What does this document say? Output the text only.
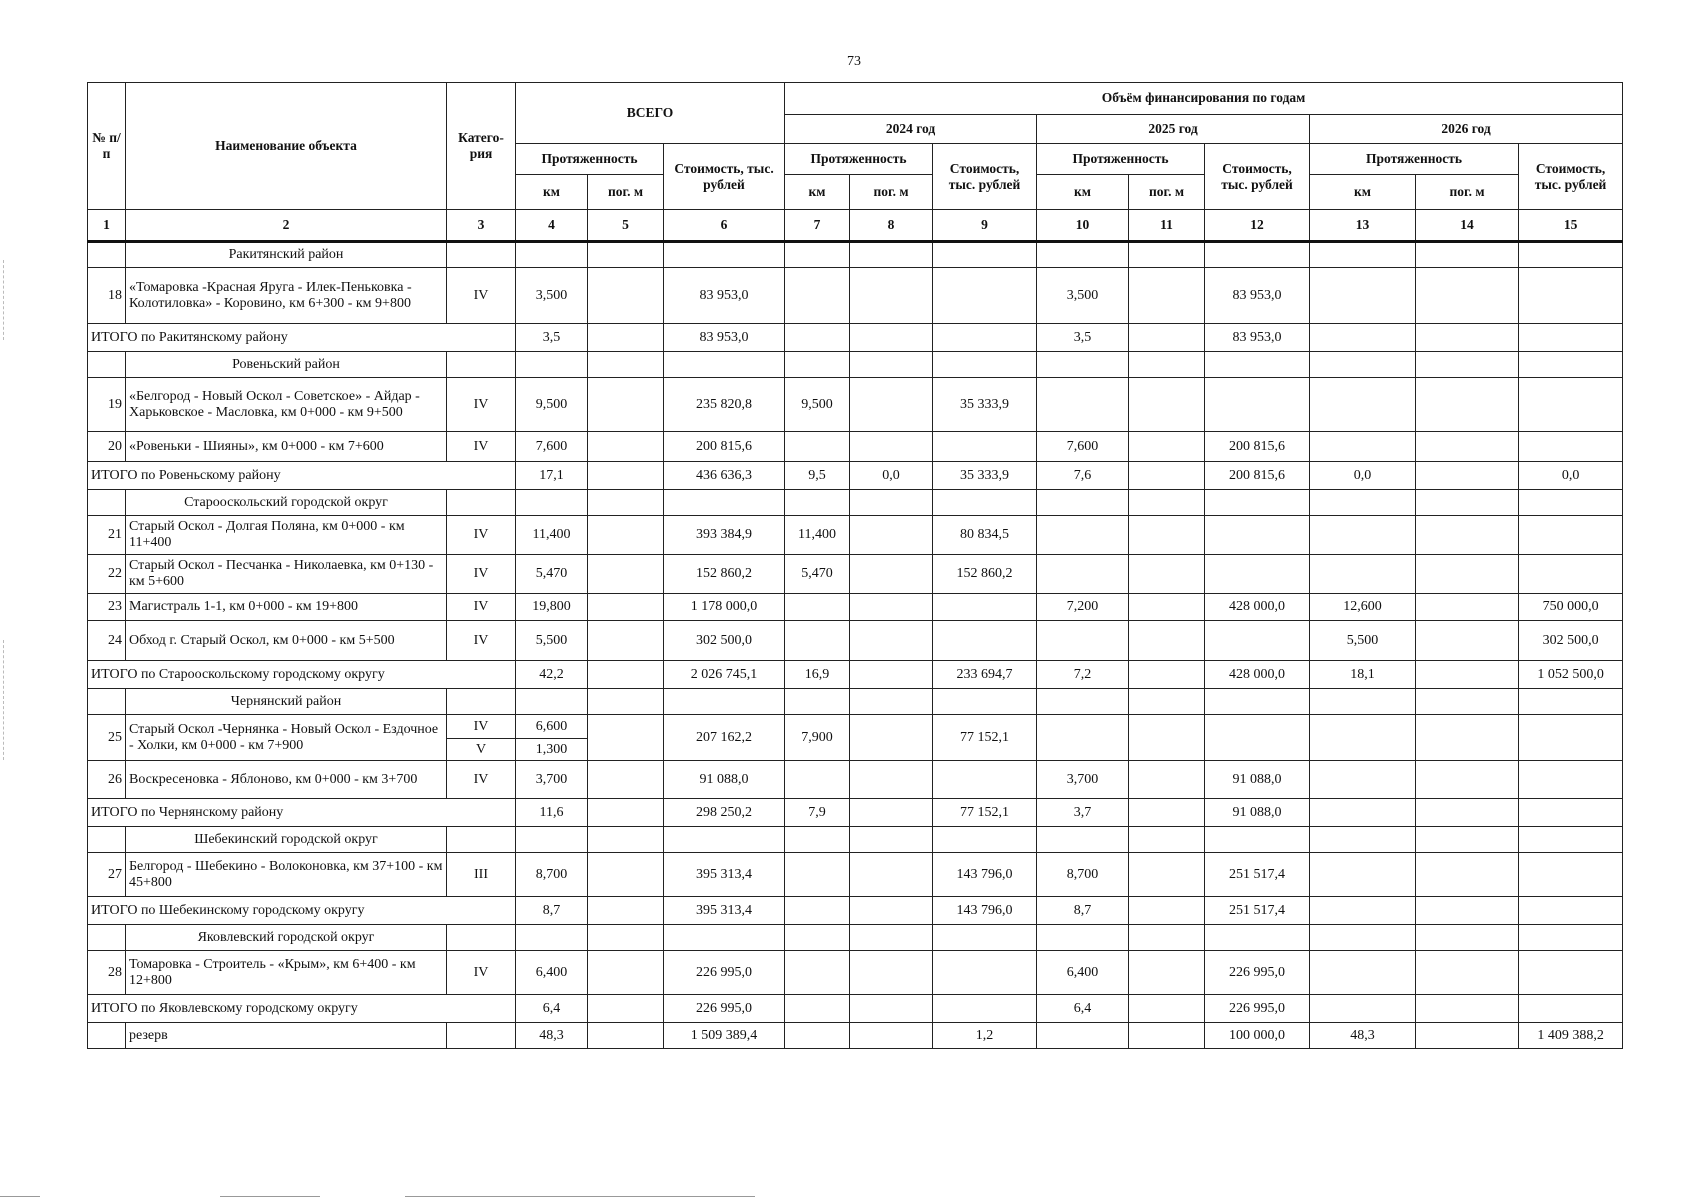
73
№ п/п	Наименование объекта	Катего-рия	ВСЕГО			Объём финансирования по годам								
						2024 год			2025 год			2026 год		
			Протяженность		Стоимость, тыс. рублей	Протяженность		Стоимость, тыс. рублей	Протяженность		Стоимость, тыс. рублей	Протяженность		Стоимость, тыс. рублей
			км	пог. м		км	пог. м		км	пог. м		км	пог. м	
1	2	3	4	5	6	7	8	9	10	11	12	13	14	15
	Ракитянский район													
18	«Томаровка -Красная Яруга - Илек-Пеньковка - Колотиловка» - Коровино, км 6+300 - км 9+800	IV	3,500		83 953,0				3,500		83 953,0			
ИТОГО по Ракитянскому району			3,5		83 953,0				3,5		83 953,0			
	Ровеньский район													
19	«Белгород - Новый Оскол - Советское» - Айдар - Харьковское - Масловка, км 0+000 - км 9+500	IV	9,500		235 820,8	9,500		35 333,9						
20	«Ровеньки - Шияны», км 0+000 - км 7+600	IV	7,600		200 815,6				7,600		200 815,6			
ИТОГО по Ровеньскому району			17,1		436 636,3	9,5	0,0	35 333,9	7,6		200 815,6	0,0		0,0
	Старооскольский городской округ													
21	Старый Оскол - Долгая Поляна, км 0+000 - км 11+400	IV	11,400		393 384,9	11,400		80 834,5						
22	Старый Оскол - Песчанка - Николаевка, км 0+130 - км 5+600	IV	5,470		152 860,2	5,470		152 860,2						
23	Магистраль 1-1, км 0+000 - км 19+800	IV	19,800		1 178 000,0				7,200		428 000,0	12,600		750 000,0
24	Обход г. Старый Оскол, км 0+000 - км 5+500	IV	5,500		302 500,0							5,500		302 500,0
ИТОГО по Старооскольскому городскому округу			42,2		2 026 745,1	16,9		233 694,7	7,2		428 000,0	18,1		1 052 500,0
	Чернянский район													
25	Старый Оскол -Чернянка - Новый Оскол - Ездочное - Холки, км 0+000 - км 7+900	IV	6,600		207 162,2	7,900		77 152,1						
		V	1,300											
26	Воскресеновка - Яблоново, км 0+000 - км 3+700	IV	3,700		91 088,0				3,700		91 088,0			
ИТОГО по Чернянскому району			11,6		298 250,2	7,9		77 152,1	3,7		91 088,0			
	Шебекинский городской округ													
27	Белгород - Шебекино - Волоконовка, км 37+100 - км 45+800	III	8,700		395 313,4			143 796,0	8,700		251 517,4			
ИТОГО по Шебекинскому городскому округу			8,7		395 313,4			143 796,0	8,7		251 517,4			
	Яковлевский городской округ													
28	Томаровка - Строитель - «Крым», км 6+400 - км 12+800	IV	6,400		226 995,0				6,400		226 995,0			
ИТОГО по Яковлевскому городскому округу			6,4		226 995,0				6,4		226 995,0			
	резерв		48,3		1 509 389,4			1,2			100 000,0	48,3		1 409 388,2
